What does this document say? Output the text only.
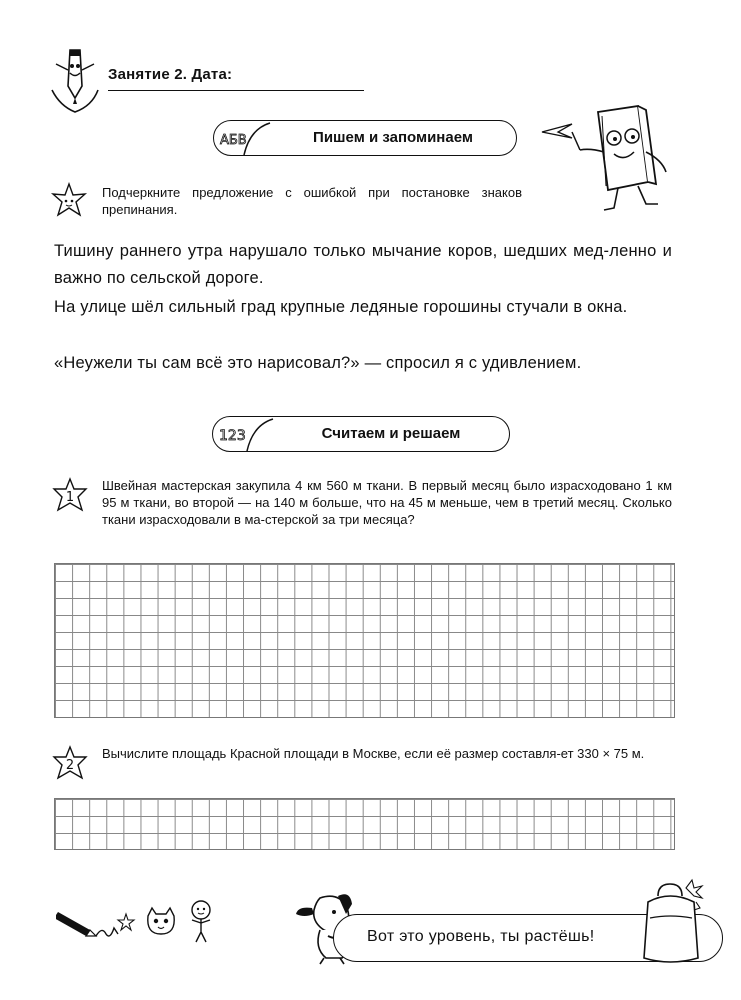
Занятие 2. Дата:
АБВ	Пишем и запоминаем
Подчеркните предложение с ошибкой при постановке знаков препинания.
Тишину раннего утра нарушало только мычание коров, шедших мед-ленно и важно по сельской дороге.
На улице шёл сильный град крупные ледяные горошины стучали в окна.
«Неужели ты сам всё это нарисовал?» — спросил я с удивлением.
123	Считаем и решаем
1
Швейная мастерская закупила 4 км 560 м ткани. В первый месяц было израсходовано 1 км 95 м ткани, во второй — на 140 м больше, что на 45 м меньше, чем в третий месяц. Сколько ткани израсходовали в ма-стерской за три месяца?
2
Вычислите площадь Красной площади в Москве, если её размер составля-ет 330 × 75 м.
Вот это уровень, ты растёшь!
